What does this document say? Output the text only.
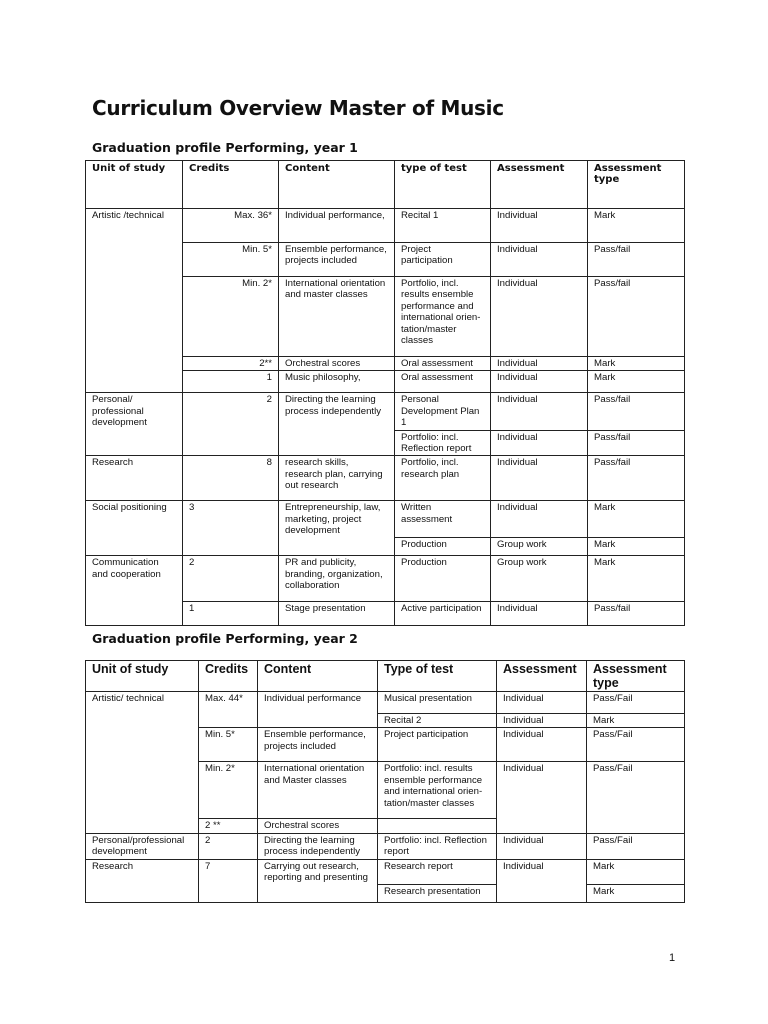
Curriculum Overview Master of Music
Graduation profile Performing, year 1
Unit of study	Credits	Content	type of test	Assessment	Assessment type
Artistic /technical	Max. 36*	Individual performance,	Recital 1	Individual	Mark
	Min. 5*	Ensemble performance, projects included	Project participation	Individual	Pass/fail
	Min. 2*	International orientation and master classes	Portfolio, incl. results ensemble performance and international orien-tation/master classes	Individual	Pass/fail
	2**	Orchestral scores	Oral assessment	Individual	Mark
	1	Music philosophy,	Oral assessment	Individual	Mark
Personal/ professional development	2	Directing the learning process independently	Personal Development Plan 1	Individual	Pass/fail
			Portfolio: incl. Reflection report	Individual	Pass/fail
Research	8	research skills, research plan, carrying out research	Portfolio, incl. research plan	Individual	Pass/fail
Social positioning	3	Entrepreneurship, law, marketing, project development	Written assessment	Individual	Mark
			Production	Group work	Mark
Communication and cooperation	2	PR and publicity, branding, organization, collaboration	Production	Group work	Mark
	1	Stage presentation	Active participation	Individual	Pass/fail
Graduation profile Performing, year 2
Unit of study	Credits	Content	Type of test	Assessment	Assessment type
Artistic/ technical	Max. 44*	Individual performance	Musical presentation	Individual	Pass/Fail
			Recital 2	Individual	Mark
	Min. 5*	Ensemble performance, projects included	Project participation	Individual	Pass/Fail
	Min. 2*	International orientation and Master classes	Portfolio: incl. results ensemble performance and international orien-tation/master classes	Individual	Pass/Fail
	2 **	Orchestral scores			
Personal/professional development	2	Directing the learning process independently	Portfolio: incl. Reflection report	Individual	Pass/Fail
Research	7	Carrying out research, reporting and presenting	Research report	Individual	Mark
			Research presentation		Mark
1
